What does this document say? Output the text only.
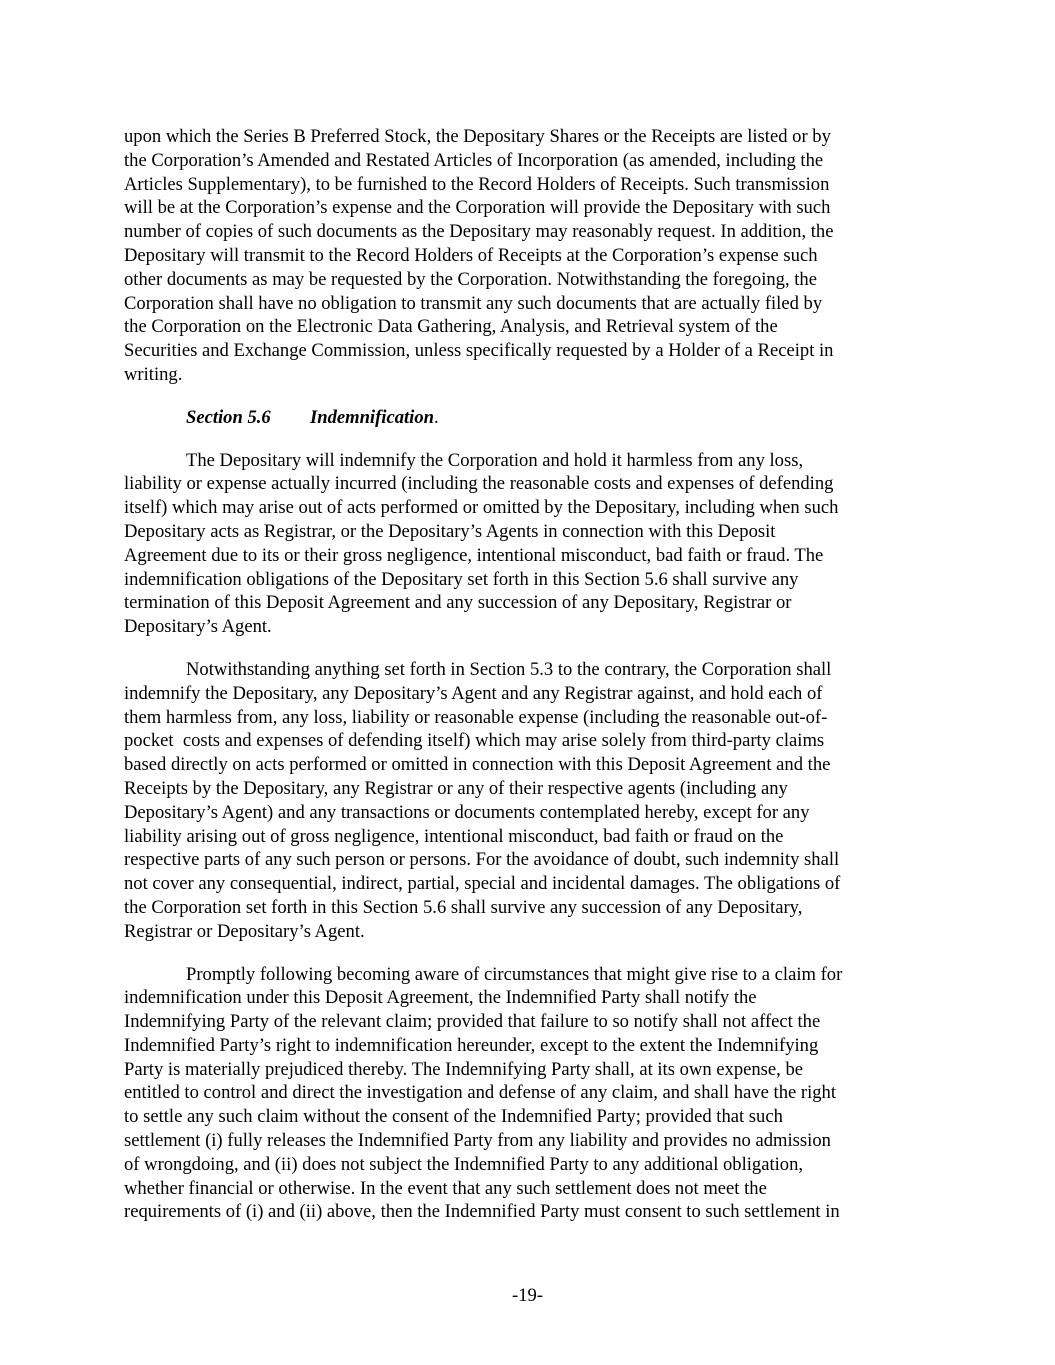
upon which the Series B Preferred Stock, the Depositary Shares or the Receipts are listed or by
the Corporation’s Amended and Restated Articles of Incorporation (as amended, including the
Articles Supplementary), to be furnished to the Record Holders of Receipts. Such transmission
will be at the Corporation’s expense and the Corporation will provide the Depositary with such
number of copies of such documents as the Depositary may reasonably request. In addition, the
Depositary will transmit to the Record Holders of Receipts at the Corporation’s expense such
other documents as may be requested by the Corporation. Notwithstanding the foregoing, the
Corporation shall have no obligation to transmit any such documents that are actually filed by
the Corporation on the Electronic Data Gathering, Analysis, and Retrieval system of the
Securities and Exchange Commission, unless specifically requested by a Holder of a Receipt in
writing.
Section 5.6 Indemnification.
The Depositary will indemnify the Corporation and hold it harmless from any loss,
liability or expense actually incurred (including the reasonable costs and expenses of defending
itself) which may arise out of acts performed or omitted by the Depositary, including when such
Depositary acts as Registrar, or the Depositary’s Agents in connection with this Deposit
Agreement due to its or their gross negligence, intentional misconduct, bad faith or fraud. The
indemnification obligations of the Depositary set forth in this Section 5.6 shall survive any
termination of this Deposit Agreement and any succession of any Depositary, Registrar or
Depositary’s Agent.
Notwithstanding anything set forth in Section 5.3 to the contrary, the Corporation shall
indemnify the Depositary, any Depositary’s Agent and any Registrar against, and hold each of
them harmless from, any loss, liability or reasonable expense (including the reasonable out-of-
pocket  costs and expenses of defending itself) which may arise solely from third-party claims
based directly on acts performed or omitted in connection with this Deposit Agreement and the
Receipts by the Depositary, any Registrar or any of their respective agents (including any
Depositary’s Agent) and any transactions or documents contemplated hereby, except for any
liability arising out of gross negligence, intentional misconduct, bad faith or fraud on the
respective parts of any such person or persons. For the avoidance of doubt, such indemnity shall
not cover any consequential, indirect, partial, special and incidental damages. The obligations of
the Corporation set forth in this Section 5.6 shall survive any succession of any Depositary,
Registrar or Depositary’s Agent.
Promptly following becoming aware of circumstances that might give rise to a claim for
indemnification under this Deposit Agreement, the Indemnified Party shall notify the
Indemnifying Party of the relevant claim; provided that failure to so notify shall not affect the
Indemnified Party’s right to indemnification hereunder, except to the extent the Indemnifying
Party is materially prejudiced thereby. The Indemnifying Party shall, at its own expense, be
entitled to control and direct the investigation and defense of any claim, and shall have the right
to settle any such claim without the consent of the Indemnified Party; provided that such
settlement (i) fully releases the Indemnified Party from any liability and provides no admission
of wrongdoing, and (ii) does not subject the Indemnified Party to any additional obligation,
whether financial or otherwise. In the event that any such settlement does not meet the
requirements of (i) and (ii) above, then the Indemnified Party must consent to such settlement in
-19-
